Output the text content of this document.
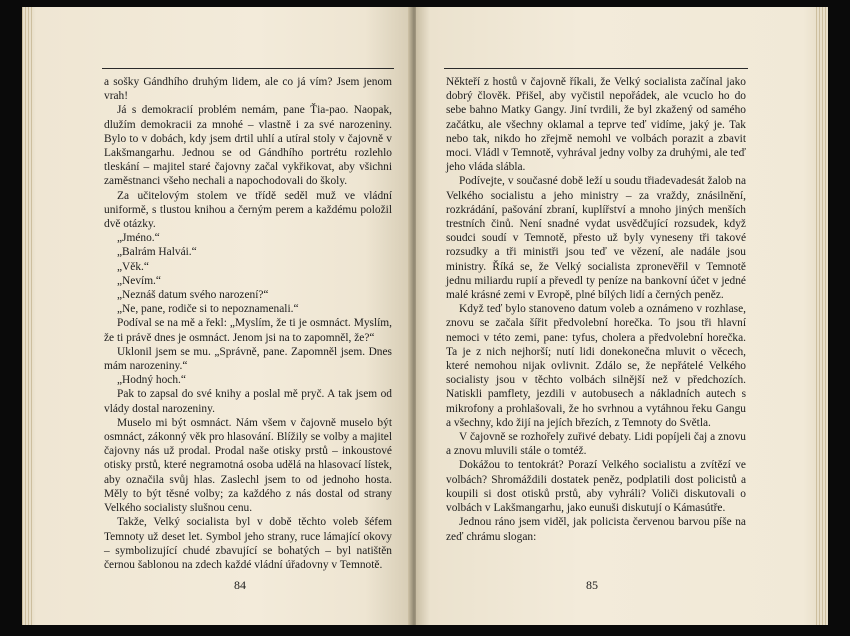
a sošky Gándhího druhým lidem, ale co já vím? Jsem jenom vrah!

Já s demokracií problém nemám, pane Ťia-pao. Naopak, dlužím demokracii za mnohé – vlastně i za své narozeniny. Bylo to v dobách, kdy jsem drtil uhlí a utíral stoly v čajovně v Lakšmangarhu. Jednou se od Gándhího portrétu rozlehlo tleskání – majitel staré čajovny začal vykřikovat, aby všichni zaměstnanci všeho nechali a napochodovali do školy.

Za učitelovým stolem ve třídě seděl muž ve vládní uniformě, s tlustou knihou a černým perem a každému položil dvě otázky.

„Jméno.“

„Balrám Halvái.“

„Věk.“

„Nevím.“

„Neznáš datum svého narození?“

„Ne, pane, rodiče si to nepoznamenali.“

Podíval se na mě a řekl: „Myslím, že ti je osmnáct. Myslím, že ti právě dnes je osmnáct. Jenom jsi na to zapomněl, že?“

Uklonil jsem se mu. „Správně, pane. Zapomněl jsem. Dnes mám narozeniny.“

„Hodný hoch.“

Pak to zapsal do své knihy a poslal mě pryč. A tak jsem od vlády dostal narozeniny.

Muselo mi být osmnáct. Nám všem v čajovně muselo být osmnáct, zákonný věk pro hlasování. Blížily se volby a majitel čajovny nás už prodal. Prodal naše otisky prstů – inkoustové otisky prstů, které negramotná osoba udělá na hlasovací lístek, aby označila svůj hlas. Zaslechl jsem to od jednoho hosta. Měly to být těsné volby; za každého z nás dostal od strany Velkého socialisty slušnou cenu.

Takže, Velký socialista byl v době těchto voleb šéfem Temnoty už deset let. Symbol jeho strany, ruce lámající okovy – symbolizující chudé zbavující se bohatých – byl natištěn černou šablonou na zdech každé vládní úřadovny v Temnotě.

84

Někteří z hostů v čajovně říkali, že Velký socialista začínal jako dobrý člověk. Přišel, aby vyčistil nepořádek, ale vcuclo ho do sebe bahno Matky Gangy. Jiní tvrdili, že byl zkažený od samého začátku, ale všechny oklamal a teprve teď vidíme, jaký je. Tak nebo tak, nikdo ho zřejmě nemohl ve volbách porazit a zbavit moci. Vládl v Temnotě, vyhrával jedny volby za druhými, ale teď jeho vláda slábla.

Podívejte, v současné době leží u soudu třiadevadesát žalob na Velkého socialistu a jeho ministry – za vraždy, znásilnění, rozkrádání, pašování zbraní, kuplířství a mnoho jiných menších trestních činů. Není snadné vydat usvědčující rozsudek, když soudci soudí v Temnotě, přesto už byly vyneseny tři takové rozsudky a tři ministři jsou teď ve vězení, ale nadále jsou ministry. Říká se, že Velký socialista zpronevěřil v Temnotě jednu miliardu rupií a převedl ty peníze na bankovní účet v jedné malé krásné zemi v Evropě, plné bílých lidí a černých peněz.

Když teď bylo stanoveno datum voleb a oznámeno v rozhlase, znovu se začala šířit předvolební horečka. To jsou tři hlavní nemoci v této zemi, pane: tyfus, cholera a předvolební horečka. Ta je z nich nejhorší; nutí lidi donekonečna mluvit o věcech, které nemohou nijak ovlivnit. Zdálo se, že nepřátelé Velkého socialisty jsou v těchto volbách silnější než v předchozích. Natiskli pamflety, jezdili v autobusech a nákladních autech s mikrofony a prohlašovali, že ho svrhnou a vytáhnou řeku Gangu a všechny, kdo žijí na jejích březích, z Temnoty do Světla.

V čajovně se rozhořely zuřivé debaty. Lidi popíjeli čaj a znovu a znovu mluvili stále o tomtéž.

Dokážou to tentokrát? Porazí Velkého socialistu a zvítězí ve volbách? Shromáždili dostatek peněz, podplatili dost policistů a koupili si dost otisků prstů, aby vyhráli? Voliči diskutovali o volbách v Lakšmangarhu, jako eunuši diskutují o Kámasútře.

Jednou ráno jsem viděl, jak policista červenou barvou píše na zeď chrámu slogan:

85
